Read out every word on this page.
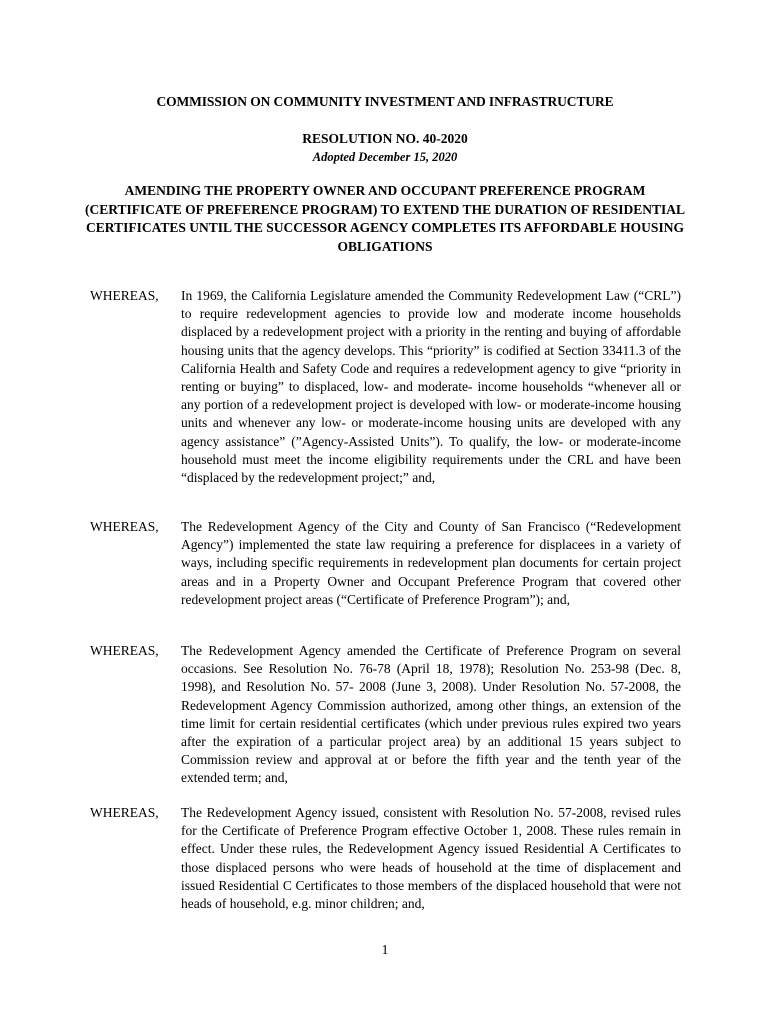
COMMISSION ON COMMUNITY INVESTMENT AND INFRASTRUCTURE
RESOLUTION NO. 40-2020
Adopted December 15, 2020
AMENDING THE PROPERTY OWNER AND OCCUPANT PREFERENCE PROGRAM (CERTIFICATE OF PREFERENCE PROGRAM) TO EXTEND THE DURATION OF RESIDENTIAL CERTIFICATES UNTIL THE SUCCESSOR AGENCY COMPLETES ITS AFFORDABLE HOUSING OBLIGATIONS
WHEREAS,	In 1969, the California Legislature amended the Community Redevelopment Law (“CRL”) to require redevelopment agencies to provide low and moderate income households displaced by a redevelopment project with a priority in the renting and buying of affordable housing units that the agency develops. This “priority” is codified at Section 33411.3 of the California Health and Safety Code and requires a redevelopment agency to give “priority in renting or buying” to displaced, low- and moderate- income households “whenever all or any portion of a redevelopment project is developed with low- or moderate-income housing units and whenever any low- or moderate-income housing units are developed with any agency assistance” (”Agency-Assisted Units”). To qualify, the low- or moderate-income household must meet the income eligibility requirements under the CRL and have been “displaced by the redevelopment project;” and,
WHEREAS,	The Redevelopment Agency of the City and County of San Francisco (“Redevelopment Agency”) implemented the state law requiring a preference for displacees in a variety of ways, including specific requirements in redevelopment plan documents for certain project areas and in a Property Owner and Occupant Preference Program that covered other redevelopment project areas (“Certificate of Preference Program”); and,
WHEREAS,	The Redevelopment Agency amended the Certificate of Preference Program on several occasions. See Resolution No. 76-78 (April 18, 1978); Resolution No. 253-98 (Dec. 8, 1998), and Resolution No. 57- 2008 (June 3, 2008). Under Resolution No. 57-2008, the Redevelopment Agency Commission authorized, among other things, an extension of the time limit for certain residential certificates (which under previous rules expired two years after the expiration of a particular project area) by an additional 15 years subject to Commission review and approval at or before the fifth year and the tenth year of the extended term; and,
WHEREAS,	The Redevelopment Agency issued, consistent with Resolution No. 57-2008, revised rules for the Certificate of Preference Program effective October 1, 2008. These rules remain in effect. Under these rules, the Redevelopment Agency issued Residential A Certificates to those displaced persons who were heads of household at the time of displacement and issued Residential C Certificates to those members of the displaced household that were not heads of household, e.g. minor children; and,
1
